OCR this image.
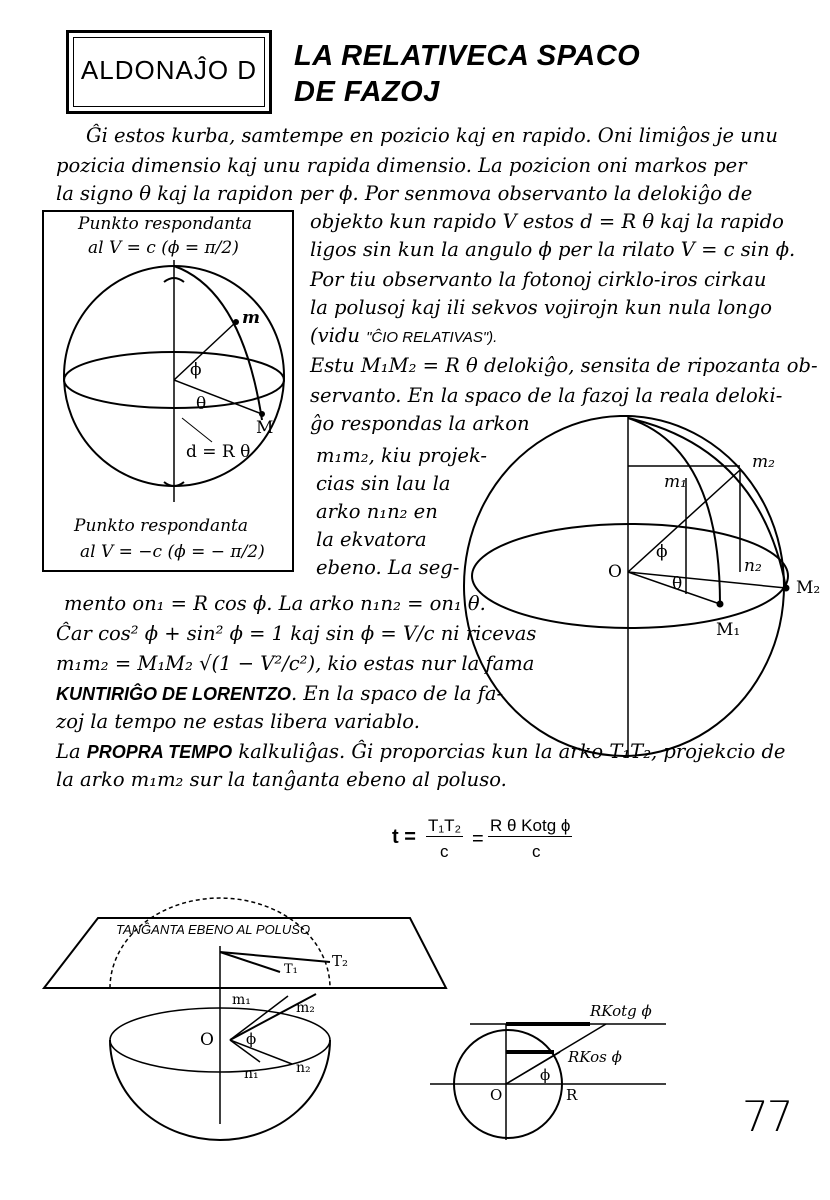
ALDONAĴO D	LA RELATIVECA SPACO
DE FAZOJ
Ĝi estos kurba, samtempe en pozicio kaj en rapido. Oni limiĝos je unu
pozicia dimensio kaj unu rapida dimensio. La pozicion oni markos per
la signo θ kaj la rapidon per ϕ. Por senmova observanto la delokiĝo de
objekto kun rapido V estos d = R θ kaj la rapido
ligos sin kun la angulo ϕ per la rilato V = c sin ϕ.
Por tiu observanto la fotonoj cirklo-iros cirkau
la polusoj kaj ili sekvos vojirojn kun nula longo
(vidu "ĈIO RELATIVAS").
Estu M₁M₂ = R θ delokiĝo, sensita de ripozanta ob-
servanto. En la spaco de la fazoj la reala deloki-
ĝo respondas la arkon
m₁m₂, kiu projek-
cias sin lau la
arko n₁n₂ en
la ekvatora
ebeno. La seg-
mento on₁ = R cos ϕ. La arko n₁n₂ = on₁ θ.
Ĉar cos² ϕ + sin² ϕ = 1 kaj sin ϕ = V/c ni ricevas
m₁m₂ = M₁M₂ √(1 − V²/c²), kio estas nur la fama
KUNTIRIĜO DE LORENTZO. En la spaco de la fa-
zoj la tempo ne estas libera variablo.
La PROPRA TEMPO kalkuliĝas. Ĝi proporcias kun la arko T₁T₂, projekcio de
la arko m₁m₂ sur la tanĝanta ebeno al poluso.
Punkto respondanta
al V = c (ϕ = π/2)
m
M
ϕ
θ
d = R θ
Punkto respondanta
al V = −c (ϕ = − π/2)
m₂
m₁
n₂
O
ϕ
θ
M₁
M₂
t =
T₁T₂
c
=
R θ Kotg ϕ
c
TANĜANTA EBENO AL POLUSO
T₂
T₁
m₁	m₂
O ϕ
n₁	n₂
RKotg ϕ
RKos ϕ
ϕ
O	R	77
